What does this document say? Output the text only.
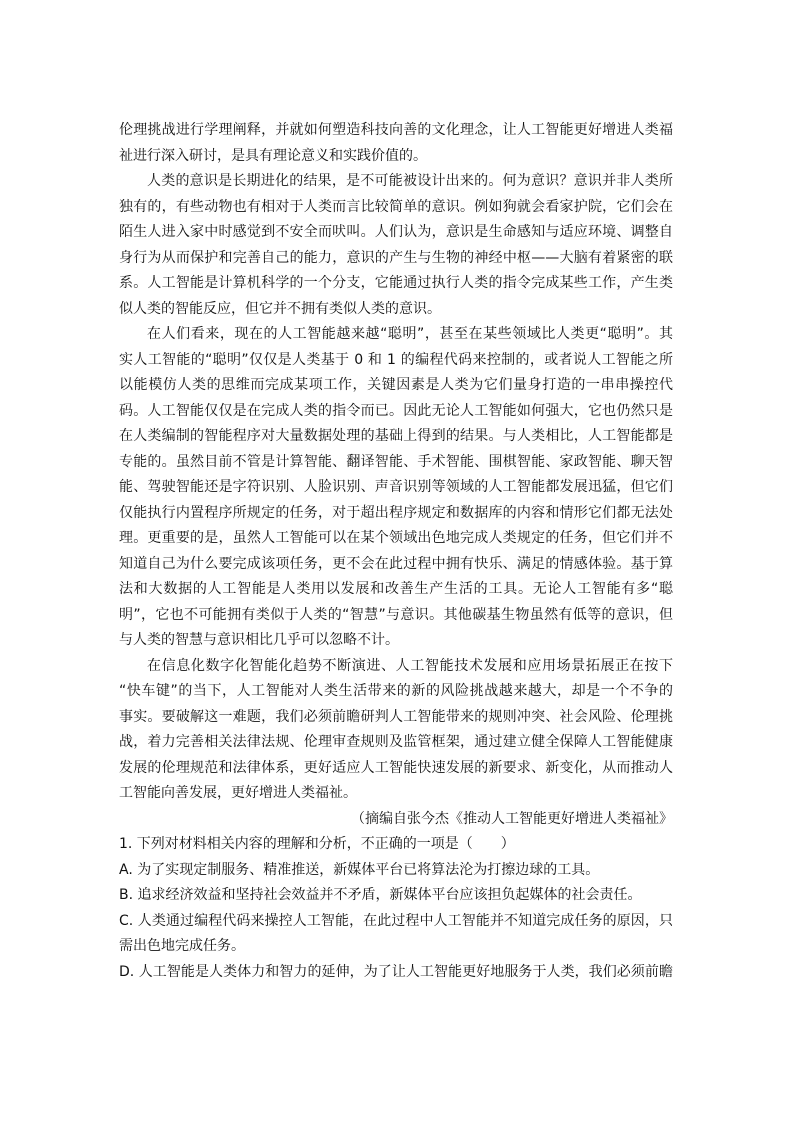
伦理挑战进行学理阐释，并就如何塑造科技向善的文化理念，让人工智能更好增进人类福
祉进行深入研讨，是具有理论意义和实践价值的。
人类的意识是长期进化的结果，是不可能被设计出来的。何为意识？意识并非人类所
独有的，有些动物也有相对于人类而言比较简单的意识。例如狗就会看家护院，它们会在
陌生人进入家中时感觉到不安全而吠叫。人们认为，意识是生命感知与适应环境、调整自
身行为从而保护和完善自己的能力，意识的产生与生物的神经中枢——大脑有着紧密的联
系。人工智能是计算机科学的一个分支，它能通过执行人类的指令完成某些工作，产生类
似人类的智能反应，但它并不拥有类似人类的意识。
在人们看来，现在的人工智能越来越“聪明”，甚至在某些领域比人类更“聪明”。其
实人工智能的“聪明”仅仅是人类基于 0 和 1 的编程代码来控制的，或者说人工智能之所
以能模仿人类的思维而完成某项工作，关键因素是人类为它们量身打造的一串串操控代
码。人工智能仅仅是在完成人类的指令而已。因此无论人工智能如何强大，它也仍然只是
在人类编制的智能程序对大量数据处理的基础上得到的结果。与人类相比，人工智能都是
专能的。虽然目前不管是计算智能、翻译智能、手术智能、围棋智能、家政智能、聊天智
能、驾驶智能还是字符识别、人脸识别、声音识别等领域的人工智能都发展迅猛，但它们
仅能执行内置程序所规定的任务，对于超出程序规定和数据库的内容和情形它们都无法处
理。更重要的是，虽然人工智能可以在某个领域出色地完成人类规定的任务，但它们并不
知道自己为什么要完成该项任务，更不会在此过程中拥有快乐、满足的情感体验。基于算
法和大数据的人工智能是人类用以发展和改善生产生活的工具。无论人工智能有多“聪
明”，它也不可能拥有类似于人类的“智慧”与意识。其他碳基生物虽然有低等的意识，但
与人类的智慧与意识相比几乎可以忽略不计。
在信息化数字化智能化趋势不断演进、人工智能技术发展和应用场景拓展正在按下
“快车键”的当下，人工智能对人类生活带来的新的风险挑战越来越大，却是一个不争的
事实。要破解这一难题，我们必须前瞻研判人工智能带来的规则冲突、社会风险、伦理挑
战，着力完善相关法律法规、伦理审查规则及监管框架，通过建立健全保障人工智能健康
发展的伦理规范和法律体系，更好适应人工智能快速发展的新要求、新变化，从而推动人
工智能向善发展，更好增进人类福祉。
（摘编自张今杰《推动人工智能更好增进人类福祉》
1. 下列对材料相关内容的理解和分析，不正确的一项是（　　）
A. 为了实现定制服务、精准推送，新媒体平台已将算法沦为打擦边球的工具。
B. 追求经济效益和坚持社会效益并不矛盾，新媒体平台应该担负起媒体的社会责任。
C. 人类通过编程代码来操控人工智能，在此过程中人工智能并不知道完成任务的原因，只
需出色地完成任务。
D. 人工智能是人类体力和智力的延伸，为了让人工智能更好地服务于人类，我们必须前瞻
